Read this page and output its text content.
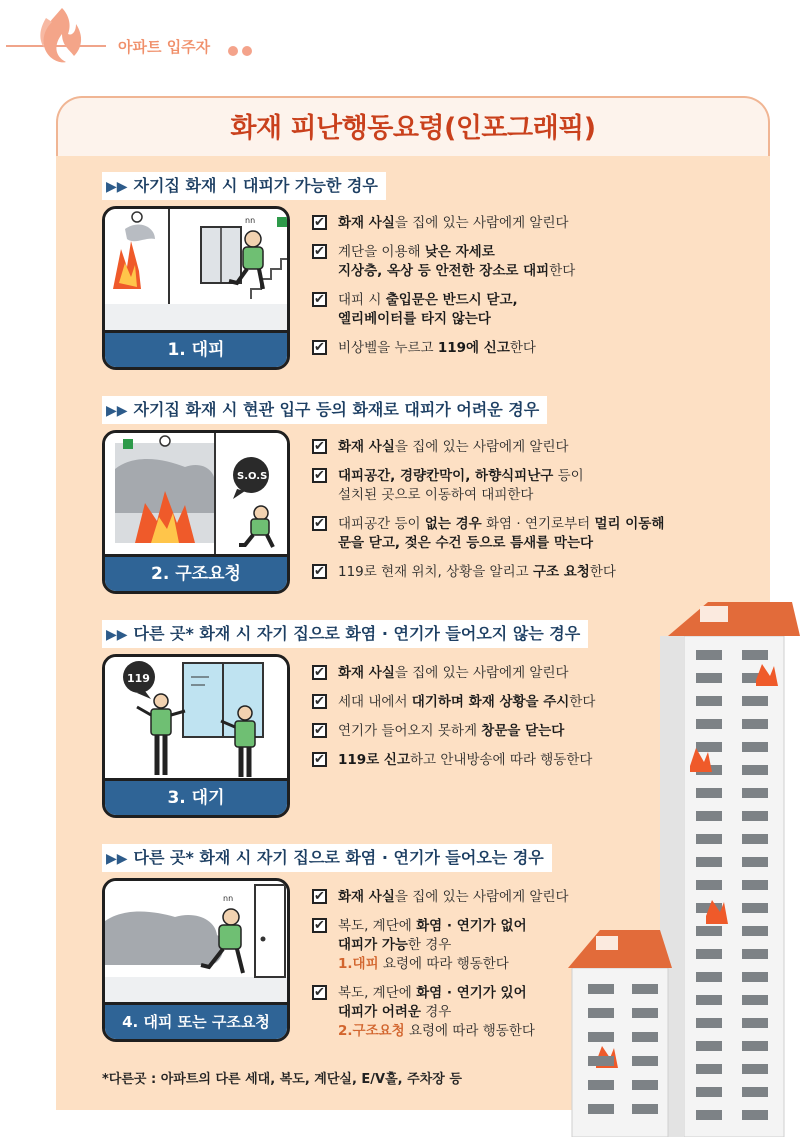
아파트 입주자
화재 피난행동요령(인포그래픽)
▶▶ 자기집 화재 시 대피가 가능한 경우
nn
1. 대피
✔ 화재 사실을 집에 있는 사람에게 알린다
✔ 계단을 이용해 낮은 자세로
지상층, 옥상 등 안전한 장소로 대피한다
✔ 대피 시 출입문은 반드시 닫고,
엘리베이터를 타지 않는다
✔ 비상벨을 누르고 119에 신고한다
▶▶ 자기집 화재 시 현관 입구 등의 화재로 대피가 어려운 경우
S.O.S
2. 구조요청
✔ 화재 사실을 집에 있는 사람에게 알린다
✔ 대피공간, 경량칸막이, 하향식피난구 등이
설치된 곳으로 이동하여 대피한다
✔ 대피공간 등이 없는 경우 화염 · 연기로부터 멀리 이동해
문을 닫고, 젖은 수건 등으로 틈새를 막는다
✔ 119로 현재 위치, 상황을 알리고 구조 요청한다
▶▶ 다른 곳* 화재 시 자기 집으로 화염 · 연기가 들어오지 않는 경우
119
3. 대기
✔ 화재 사실을 집에 있는 사람에게 알린다
✔ 세대 내에서 대기하며 화재 상황을 주시한다
✔ 연기가 들어오지 못하게 창문을 닫는다
✔ 119로 신고하고 안내방송에 따라 행동한다
▶▶ 다른 곳* 화재 시 자기 집으로 화염 · 연기가 들어오는 경우
nn
4. 대피 또는 구조요청
✔ 화재 사실을 집에 있는 사람에게 알린다
✔ 복도, 계단에 화염 · 연기가 없어
대피가 가능한 경우
1.대피 요령에 따라 행동한다
✔ 복도, 계단에 화염 · 연기가 있어
대피가 어려운 경우
2.구조요청 요령에 따라 행동한다
*다른곳 : 아파트의 다른 세대, 복도, 계단실, E/V홀, 주차장 등
